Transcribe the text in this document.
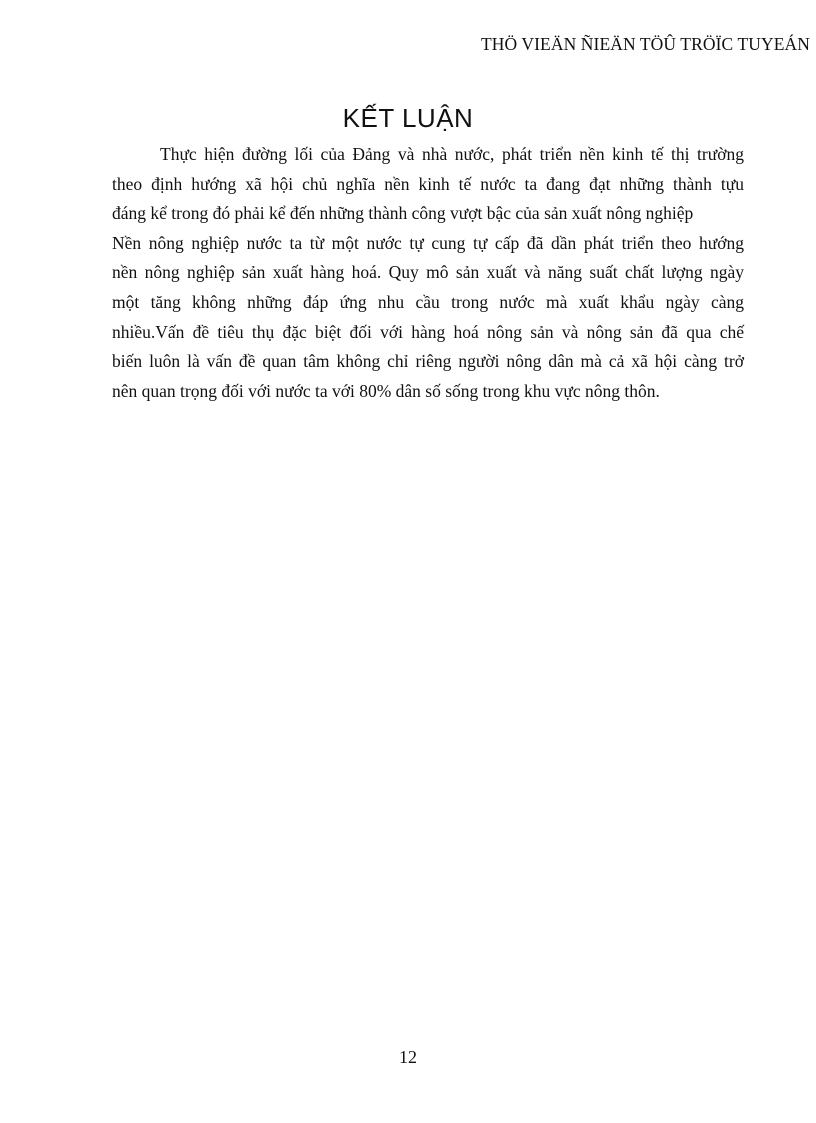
THÖ VIEÄN ÑIEÄN TÖÛ TRÖÏC TUYEÁN
KẾT LUẬN
Thực hiện đường lối của Đảng và nhà nước, phát triển nền kinh tế thị trường
theo định hướng xã hội chủ nghĩa nền kinh tế nước ta đang đạt những thành tựu
đáng kể trong đó phải kể đến những thành công vượt bậc của sản xuất nông nghiệp
Nền nông nghiệp nước ta từ một nước tự cung tự cấp đã dần phát triển theo hướng
nền nông nghiệp sản xuất hàng hoá. Quy mô sản xuất và năng suất chất lượng ngày
một tăng không những đáp ứng nhu cầu trong nước mà xuất khẩu ngày càng
nhiều.Vấn đề tiêu thụ đặc biệt đối với hàng hoá nông sản và nông sản đã qua chế
biến luôn là vấn đề quan tâm không chỉ riêng người nông dân mà cả xã hội càng trở
nên quan trọng đối với nước ta với 80% dân số sống trong khu vực nông thôn.
12
